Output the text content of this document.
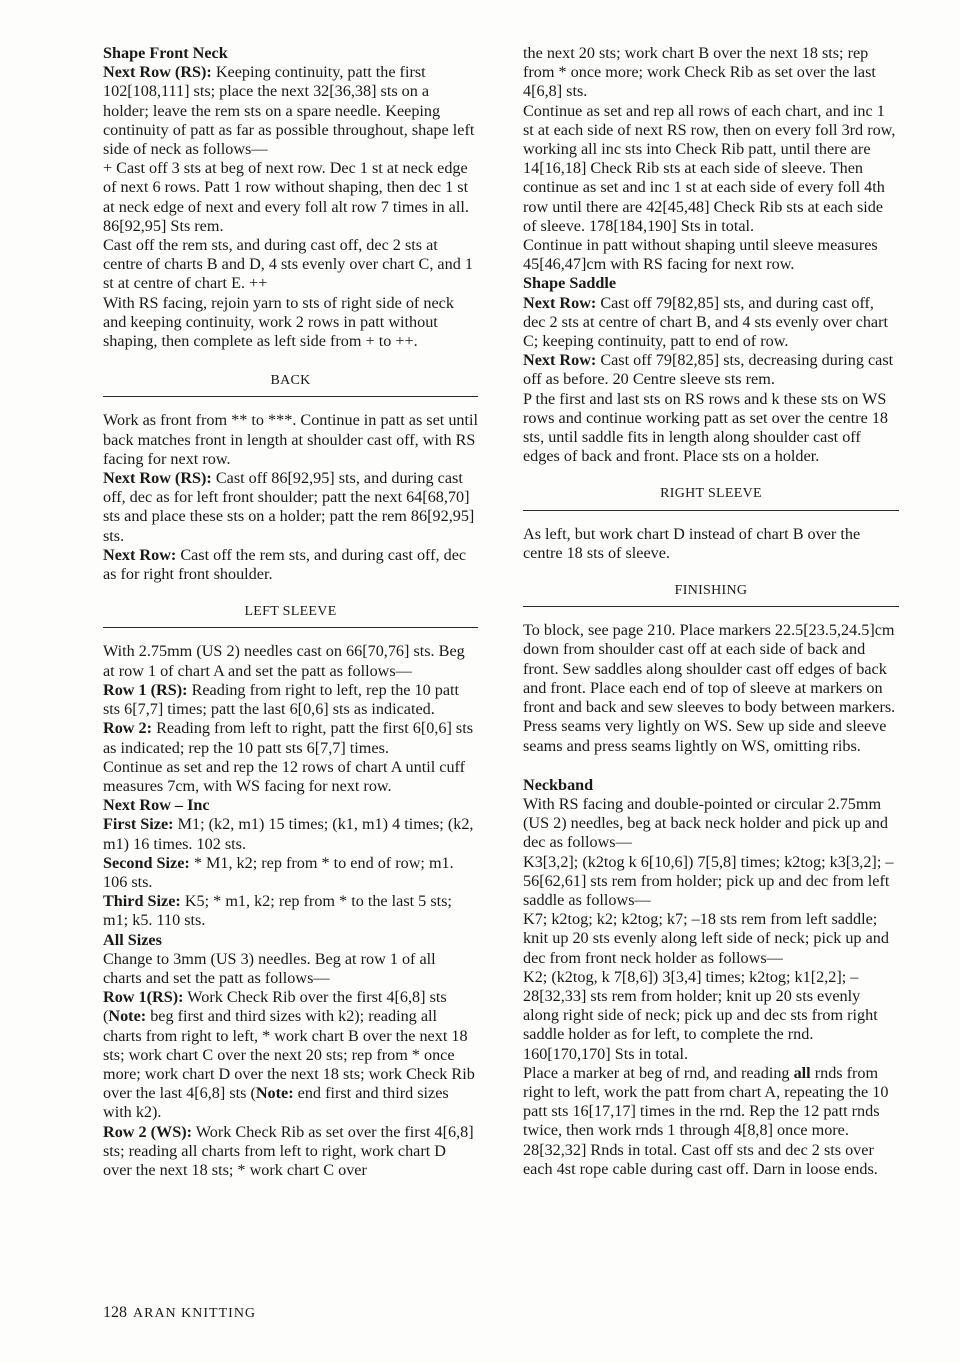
Shape Front Neck

Next Row (RS): Keeping continuity, patt the first 102[108,111] sts; place the next 32[36,38] sts on a holder; leave the rem sts on a spare needle. Keeping continuity of patt as far as possible throughout, shape left side of neck as follows—

+ Cast off 3 sts at beg of next row. Dec 1 st at neck edge of next 6 rows. Patt 1 row without shaping, then dec 1 st at neck edge of next and every foll alt row 7 times in all. 86[92,95] Sts rem.

Cast off the rem sts, and during cast off, dec 2 sts at centre of charts B and D, 4 sts evenly over chart C, and 1 st at centre of chart E. ++

With RS facing, rejoin yarn to sts of right side of neck and keeping continuity, work 2 rows in patt without shaping, then complete as left side from + to ++.

BACK

Work as front from ** to ***. Continue in patt as set until back matches front in length at shoulder cast off, with RS facing for next row.

Next Row (RS): Cast off 86[92,95] sts, and during cast off, dec as for left front shoulder; patt the next 64[68,70] sts and place these sts on a holder; patt the rem 86[92,95] sts.

Next Row: Cast off the rem sts, and during cast off, dec as for right front shoulder.

LEFT SLEEVE

With 2.75mm (US 2) needles cast on 66[70,76] sts. Beg at row 1 of chart A and set the patt as follows—

Row 1 (RS): Reading from right to left, rep the 10 patt sts 6[7,7] times; patt the last 6[0,6] sts as indicated.

Row 2: Reading from left to right, patt the first 6[0,6] sts as indicated; rep the 10 patt sts 6[7,7] times.

Continue as set and rep the 12 rows of chart A until cuff measures 7cm, with WS facing for next row.

Next Row – Inc

First Size: M1; (k2, m1) 15 times; (k1, m1) 4 times; (k2, m1) 16 times. 102 sts.

Second Size: * M1, k2; rep from * to end of row; m1. 106 sts.

Third Size: K5; * m1, k2; rep from * to the last 5 sts; m1; k5. 110 sts.

All Sizes

Change to 3mm (US 3) needles. Beg at row 1 of all charts and set the patt as follows—

Row 1(RS): Work Check Rib over the first 4[6,8] sts (Note: beg first and third sizes with k2); reading all charts from right to left, * work chart B over the next 18 sts; work chart C over the next 20 sts; rep from * once more; work chart D over the next 18 sts; work Check Rib over the last 4[6,8] sts (Note: end first and third sizes with k2).

Row 2 (WS): Work Check Rib as set over the first 4[6,8] sts; reading all charts from left to right, work chart D over the next 18 sts; * work chart C over

the next 20 sts; work chart B over the next 18 sts; rep from * once more; work Check Rib as set over the last 4[6,8] sts.

Continue as set and rep all rows of each chart, and inc 1 st at each side of next RS row, then on every foll 3rd row, working all inc sts into Check Rib patt, until there are 14[16,18] Check Rib sts at each side of sleeve. Then continue as set and inc 1 st at each side of every foll 4th row until there are 42[45,48] Check Rib sts at each side of sleeve. 178[184,190] Sts in total.

Continue in patt without shaping until sleeve measures 45[46,47]cm with RS facing for next row.

Shape Saddle

Next Row: Cast off 79[82,85] sts, and during cast off, dec 2 sts at centre of chart B, and 4 sts evenly over chart C; keeping continuity, patt to end of row.

Next Row: Cast off 79[82,85] sts, decreasing during cast off as before. 20 Centre sleeve sts rem.

P the first and last sts on RS rows and k these sts on WS rows and continue working patt as set over the centre 18 sts, until saddle fits in length along shoulder cast off edges of back and front. Place sts on a holder.

RIGHT SLEEVE

As left, but work chart D instead of chart B over the centre 18 sts of sleeve.

FINISHING

To block, see page 210. Place markers 22.5[23.5,24.5]cm down from shoulder cast off at each side of back and front. Sew saddles along shoulder cast off edges of back and front. Place each end of top of sleeve at markers on front and back and sew sleeves to body between markers. Press seams very lightly on WS. Sew up side and sleeve seams and press seams lightly on WS, omitting ribs.

Neckband

With RS facing and double-pointed or circular 2.75mm (US 2) needles, beg at back neck holder and pick up and dec as follows—

K3[3,2]; (k2tog k 6[10,6]) 7[5,8] times; k2tog; k3[3,2]; – 56[62,61] sts rem from holder; pick up and dec from left saddle as follows—

K7; k2tog; k2; k2tog; k7; –18 sts rem from left saddle; knit up 20 sts evenly along left side of neck; pick up and dec from front neck holder as follows—

K2; (k2tog, k 7[8,6]) 3[3,4] times; k2tog; k1[2,2]; – 28[32,33] sts rem from holder; knit up 20 sts evenly along right side of neck; pick up and dec sts from right saddle holder as for left, to complete the rnd. 160[170,170] Sts in total.

Place a marker at beg of rnd, and reading all rnds from right to left, work the patt from chart A, repeating the 10 patt sts 16[17,17] times in the rnd. Rep the 12 patt rnds twice, then work rnds 1 through 4[8,8] once more. 28[32,32] Rnds in total. Cast off sts and dec 2 sts over each 4st rope cable during cast off. Darn in loose ends.

128 ARAN KNITTING
